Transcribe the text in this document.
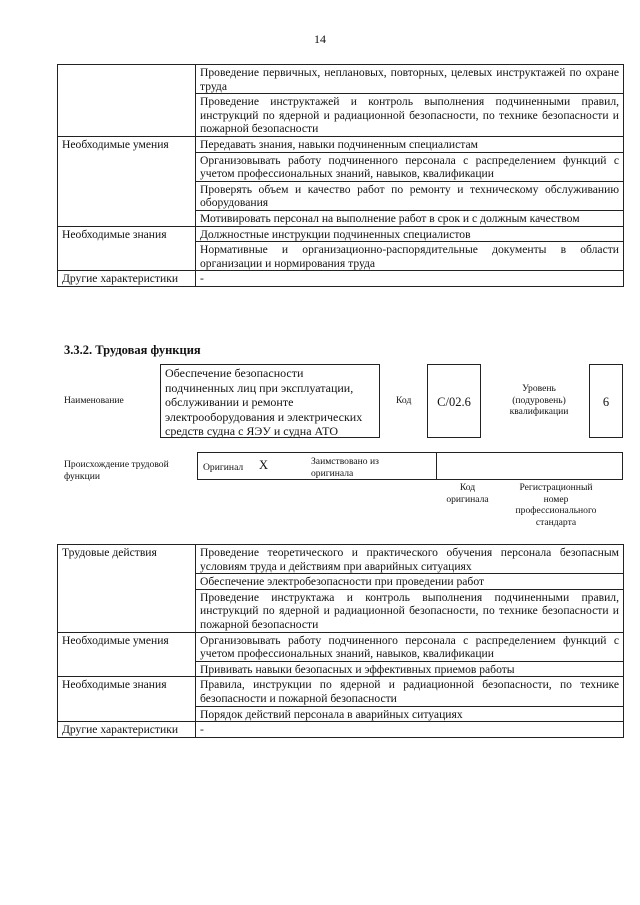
14
	Проведение первичных, неплановых, повторных, целевых инструктажей по охране труда
	Проведение инструктажей и контроль выполнения подчиненными правил, инструкций по ядерной и радиационной безопасности, по технике безопасности и пожарной безопасности
Необходимые умения	Передавать знания, навыки подчиненным специалистам
	Организовывать работу подчиненного персонала с распределением функций с учетом профессиональных знаний, навыков, квалификации
	Проверять объем и качество работ по ремонту и техническому обслуживанию оборудования
	Мотивировать персонал на выполнение работ в срок и с должным качеством
Необходимые знания	Должностные инструкции подчиненных специалистов
	Нормативные и организационно-распорядительные документы в области организации и нормирования труда
Другие характеристики	-
3.3.2. Трудовая функция
Наименование
Обеспечение безопасности подчиненных лиц при эксплуатации, обслуживании и ремонте электрооборудования и электрических средств судна с ЯЭУ и судна АТО
Код	C/02.6
Уровень (подуровень) квалификации
6
Происхождение трудовой функции
Оригинал X	Заимствовано из оригинала
Код оригинала
Регистрационный номер профессионального стандарта
Трудовые действия	Проведение теоретического и практического обучения персонала безопасным условиям труда и действиям при аварийных ситуациях
	Обеспечение электробезопасности при проведении работ
	Проведение инструктажа и контроль выполнения подчиненными правил, инструкций по ядерной и радиационной безопасности, по технике безопасности и пожарной безопасности
Необходимые умения	Организовывать работу подчиненного персонала с распределением функций с учетом профессиональных знаний, навыков, квалификации
	Прививать навыки безопасных и эффективных приемов работы
Необходимые знания	Правила, инструкции по ядерной и радиационной безопасности, по технике безопасности и пожарной безопасности
	Порядок действий персонала в аварийных ситуациях
Другие характеристики	-
